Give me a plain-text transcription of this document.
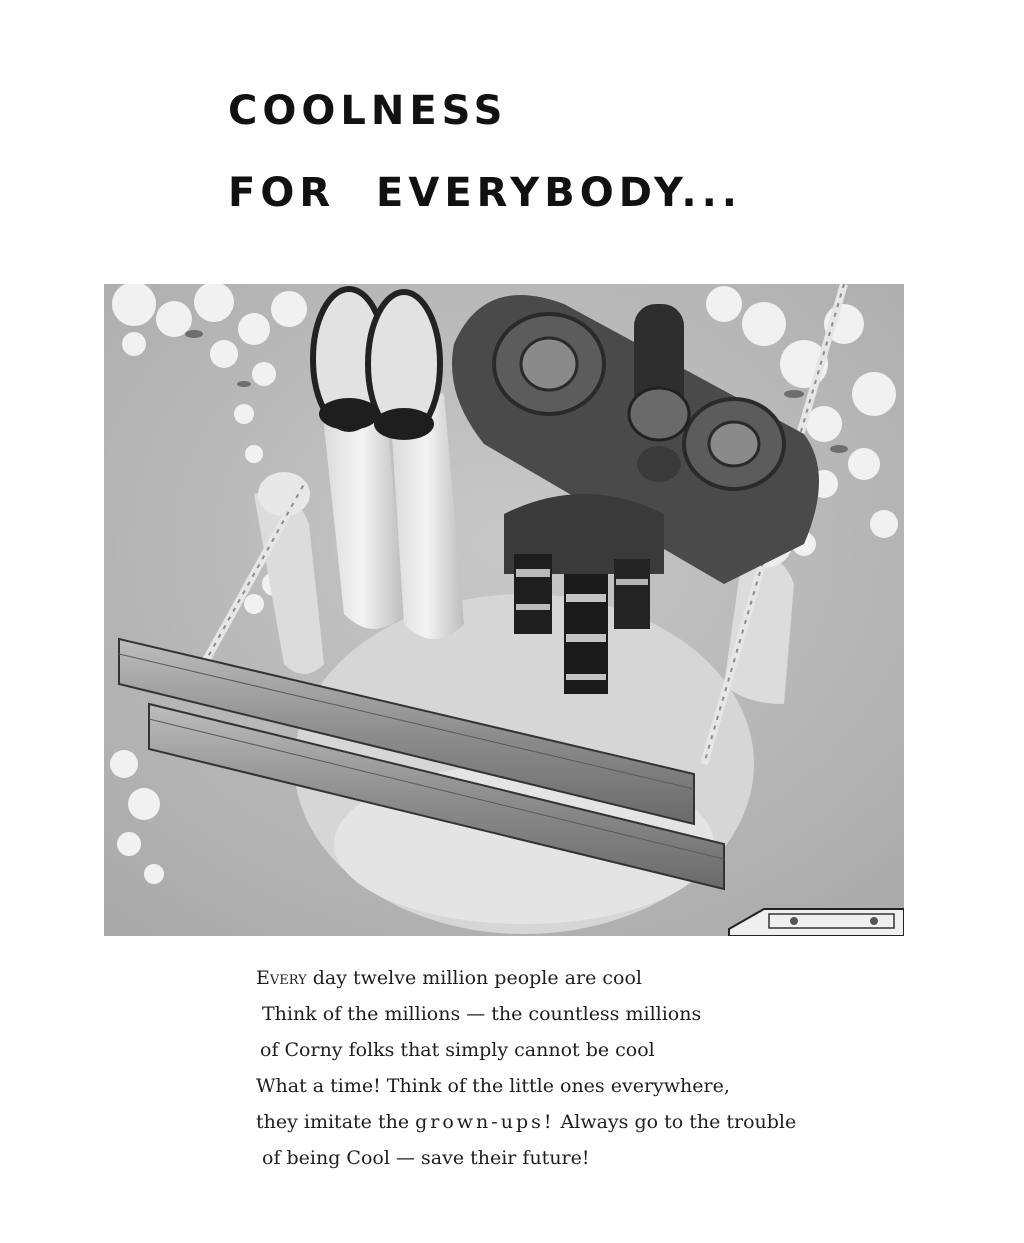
COOLNESS
FOR EVERYBODY...

Every day twelve million people are cool
Think of the millions — the countless millions
of Corny folks that simply cannot be cool
What a time! Think of the little ones everywhere,
they imitate the grown-ups! Always go to the trouble
of being Cool — save their future!
